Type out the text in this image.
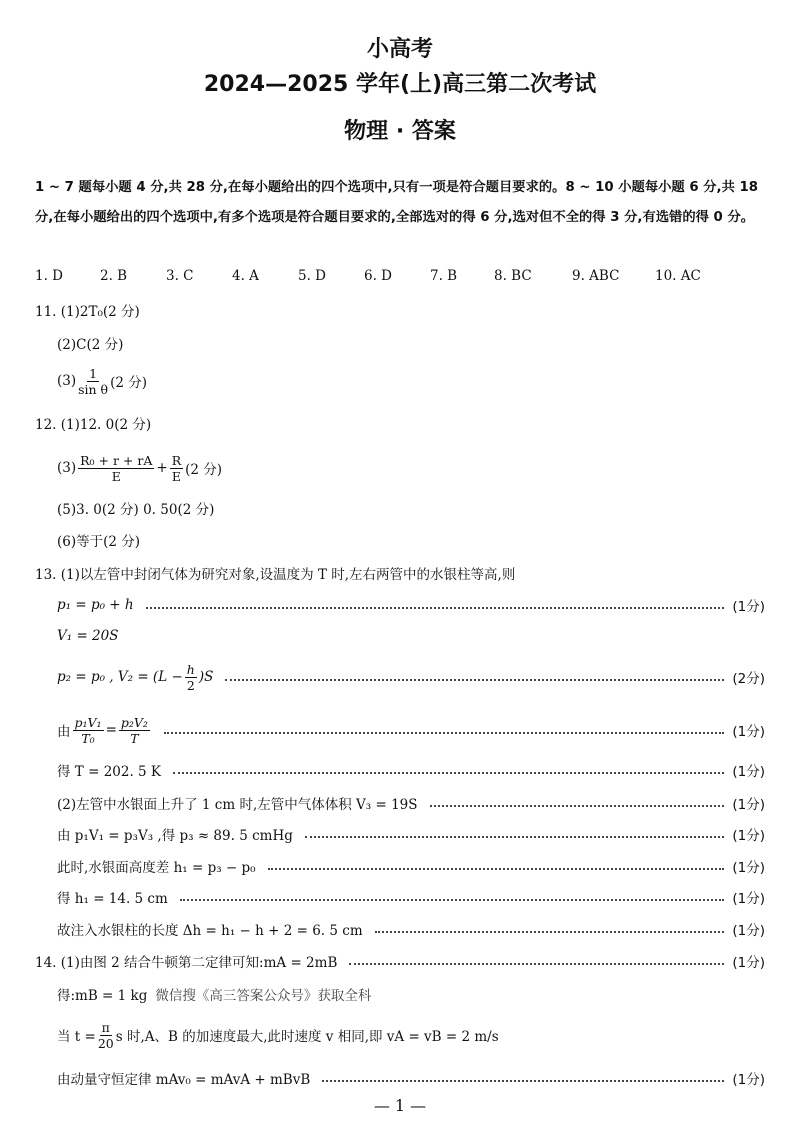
小高考
2024—2025 学年(上)高三第二次考试
物理 · 答案
1 ~ 7 题每小题 4 分,共 28 分,在每小题给出的四个选项中,只有一项是符合题目要求的。8 ~ 10 小题每小题 6 分,共 18 分,在每小题给出的四个选项中,有多个选项是符合题目要求的,全部选对的得 6 分,选对但不全的得 3 分,有选错的得 0 分。
1. D	2. B	3. C	4. A	5. D	6. D	7. B	8. BC	9. ABC	10. AC
11. (1)2T₀(2 分)
(2)C(2 分)
$(3) \frac{1}{\text{sin θ}} (2$ 分)
12. (1)12. 0(2 分)
$(3) \frac{\text{R₀ + r + rA}}{E} + \frac{R}{E} (2$ 分)
(5)3. 0(2 分) 0. 50(2 分)
(6)等于(2 分)
13. (1)以左管中封闭气体为研究对象,设温度为 T 时,左右两管中的水银柱等高,则
p₁ = p₀ + h	(1分)
V₁ = 20S
p₂ = p₀ , $V_2 = (L - \frac{h}{2} )S$	(2分)
由 $\frac{\text{p₁V₁}}{\text{T₀}} = \frac{\text{p₂V₂}}{T}$	(1分)
得 T = 202. 5 K	(1分)
(2)左管中水银面上升了 1 cm 时,左管中气体体积 V₃ = 19S	(1分)
由 p₁V₁ = p₃V₃ ,得 p₃ ≈ 89. 5 cmHg	(1分)
此时,水银面高度差 h₁ = p₃ − p₀	(1分)
得 h₁ = 14. 5 cm	(1分)
故注入水银柱的长度 Δh = h₁ − h + 2 = 6. 5 cm	(1分)
14. (1)由图 2 结合牛顿第二定律可知:mA = 2mB	(1分)
得:mB = 1 kg 微信搜《高三答案公众号》获取全科
当 $t = \frac{\pi}{20}$ s 时,A、B 的加速度最大,此时速度 v 相同,即 vA = vB = 2 m/s
由动量守恒定律 mAv₀ = mAvA + mBvB	(1分)
— 1 —
